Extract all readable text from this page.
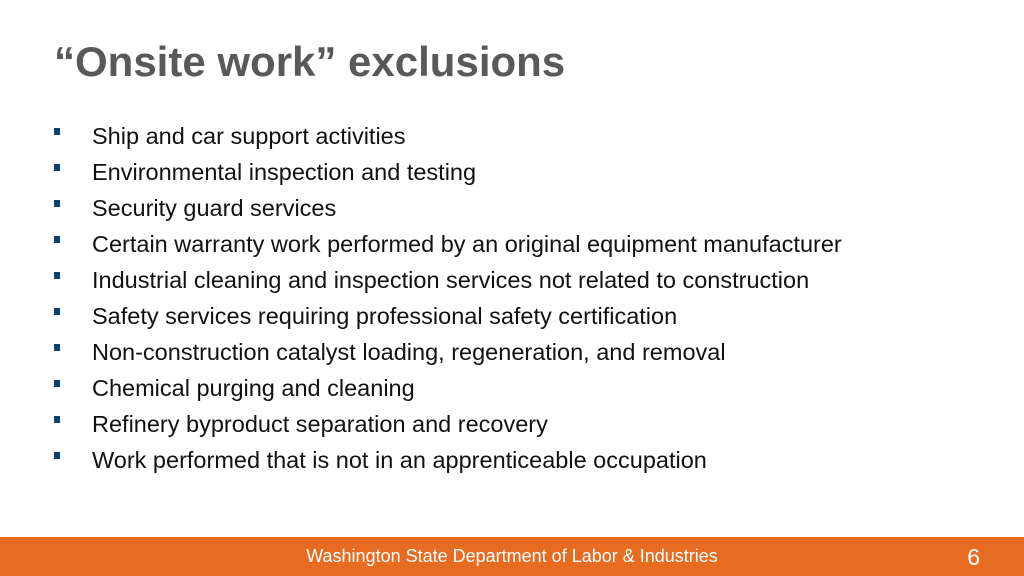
“Onsite work” exclusions
Ship and car support activities
Environmental inspection and testing
Security guard services
Certain warranty work performed by an original equipment manufacturer
Industrial cleaning and inspection services not related to construction
Safety services requiring professional safety certification
Non-construction catalyst loading, regeneration, and removal
Chemical purging and cleaning
Refinery byproduct separation and recovery
Work performed that is not in an apprenticeable occupation
Washington State Department of Labor & Industries	6
